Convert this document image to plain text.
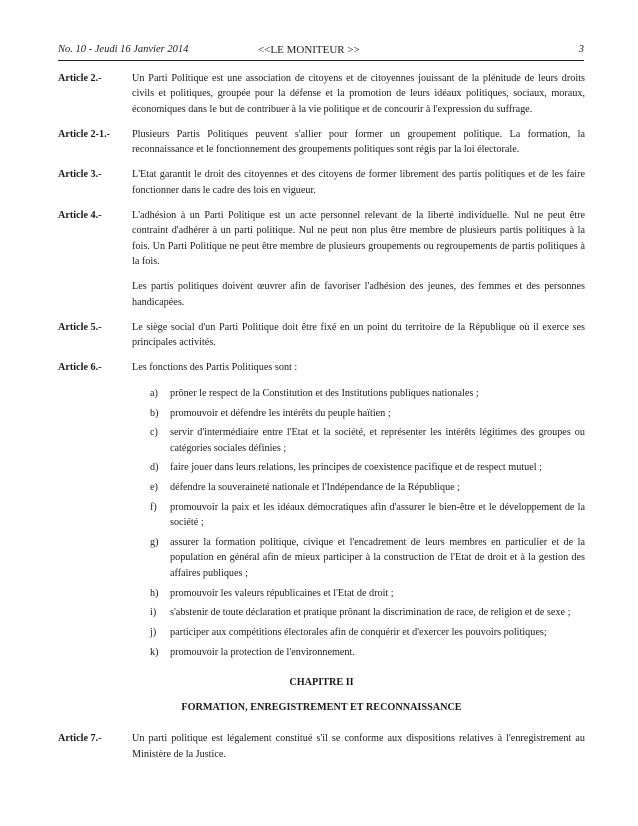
No. 10 - Jeudi 16 Janvier 2014	<<LE MONITEUR >>	3
Article 2.-	Un Parti Politique est une association de citoyens et de citoyennes jouissant de la plénitude de leurs droits civils et politiques, groupée pour la défense et la promotion de leurs idéaux politiques, sociaux, moraux, économiques dans le but de contribuer à la vie politique et de concourir à l'expression du suffrage.

Article 2-1.-	Plusieurs Partis Politiques peuvent s'allier pour former un groupement politique. La formation, la reconnaissance et le fonctionnement des groupements politiques sont régis par la loi électorale.

Article 3.-	L'Etat garantit le droit des citoyennes et des citoyens de former librement des partis politiques et de les faire fonctionner dans le cadre des lois en vigueur.

Article 4.-	L'adhésion à un Parti Politique est un acte personnel relevant de la liberté individuelle. Nul ne peut être contraint d'adhérer à un parti politique. Nul ne peut non plus être membre de plusieurs partis politiques à la fois. Un Parti Politique ne peut être membre de plusieurs groupements ou regroupements de partis politiques à la fois.

Les partis politiques doivent œuvrer afin de favoriser l'adhésion des jeunes, des femmes et des personnes handicapées.

Article 5.-	Le siège social d'un Parti Politique doit être fixé en un point du territoire de la République où il exerce ses principales activités.

Article 6.-	Les fonctions des Partis Politiques sont :

a)	prôner le respect de la Constitution et des Institutions publiques nationales ;
b)	promouvoir et défendre les intérêts du peuple haïtien ;
c)	servir d'intermédiaire entre l'Etat et la société, et représenter les intérêts légitimes des groupes ou catégories sociales définies ;
d)	faire jouer dans leurs relations, les principes de coexistence pacifique et de respect mutuel ;
e)	défendre la souveraineté nationale et l'Indépendance de la République ;
f)	promouvoir la paix et les idéaux démocratiques afin d'assurer le bien-être et le développement de la société ;
g)	assurer la formation politique, civique et l'encadrement de leurs membres en particulier et de la population en général afin de mieux participer à la construction de l'Etat de droit et à la gestion des affaires publiques ;
h)	promouvoir les valeurs républicaines et l'Etat de droit ;
i)	s'abstenir de toute déclaration et pratique prônant la discrimination de race, de religion et de sexe ;
j)	participer aux compétitions électorales afin de conquérir et d'exercer les pouvoirs politiques;
k)	promouvoir la protection de l'environnement.
CHAPITRE II
FORMATION, ENREGISTREMENT ET RECONNAISSANCE
Article 7.-	Un parti politique est légalement constitué s'il se conforme aux dispositions relatives à l'enregistrement au Ministère de la Justice.
